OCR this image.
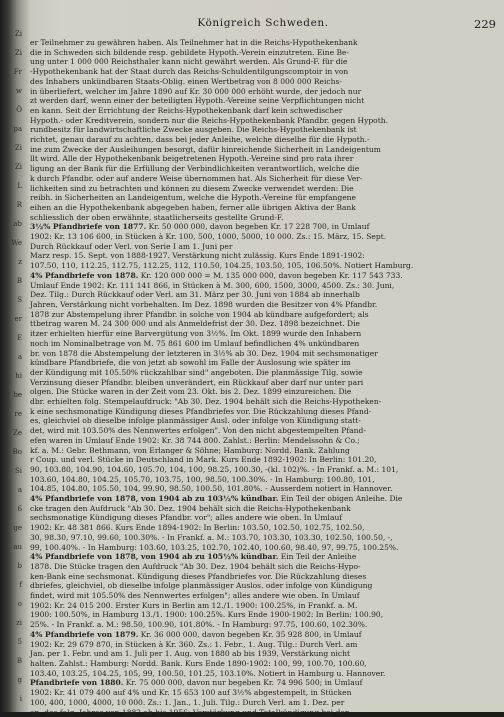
Zi
Zi
Fr
w
Ö
pa
Zi
Zi
L
R
ab
We
z
B
S
er
E
a
hi
be
re
Ze
Bo
Si
a
6
ge
au
b
f
o
zi
5
B
g
i
Königreich Schweden.	229
er Teilnehmer zu gewähren haben. Als Teilnehmer hat in die Reichs-Hypothekenbank
die in Schweden sich bildende resp. gebildete Hypoth.-Verein einzutreten. Eine Be-
ung unter 1 000 000 Reichsthaler kann nicht gewährt werden. Als Grund-F. für die
-Hypothekenbank hat der Staat durch das Reichs-Schuldentilgungscomptoir in von
des Inhabers unkündbaren Staats-Oblig. einen Wertbetrag von 8 000 000 Reichs-
in überliefert, welcher im Jahre 1890 auf Kr. 30 000 000 erhöht wurde, der jedoch nur
zt werden darf, wenn einer der beteiligten Hypoth.-Vereine seine Verpflichtungen nicht
en kann. Seit der Errichtung der Reichs-Hypothekenbank darf kein schwedischer
Hypoth.- oder Kreditverein, sondern nur die Reichs-Hypothekenbank Pfandbr. gegen Hypoth.
rundbesitz für landwirtschaftliche Zwecke ausgeben. Die Reichs-Hypothekenbank ist
richtet, genau darauf zu achten, dass bei jeder Anleihe, welche dieselbe für die Hypoth.-
ine zum Zwecke der Ausleihungen besorgt, dafür hinreichende Sicherheit in Landeigentum
llt wird. Alle der Hypothekenbank beigetretenen Hypoth.-Vereine sind pro rata ihrer
ligung an der Bank für die Erfüllung der Verbindlichkeiten verantwortlich, welche die
k durch Pfandbr. oder auf andere Weise übernommen hat. Als Sicherheit für diese Ver-
lichkeiten sind zu betrachten und können zu diesem Zwecke verwendet werden: Die
reibh. in Sicherheiten an Landeigentum, welche die Hypoth.-Vereine für empfangene
eihen an die Hypothekenbank abgegeben haben, ferner alle übrigen Aktiva der Bank
schliesslich der oben erwähnte, staatlicherseits gestellte Grund-F.
3½% Pfandbriefe von 1877. Kr. 50 000 000, davon begeben Kr. 17 228 700, in Umlauf
1902: Kr. 13 106 600, in Stücken à Kr. 100, 500, 1000, 5000, 10 000. Zs.: 15. März, 15. Sept.
Durch Rückkauf oder Verl. von Serie I am 1. Juni per
Marz resp. 15. Sept. von 1888-1927. Verstärkung nicht zulässig. Kurs Ende 1891-1902:
107.50, 110, 112.25, 112.75, 112.25, 112, 110.50, 104.25, 103.50, 105, 106.50%. Notiert Hamburg.
4% Pfandbriefe von 1878. Kr. 120 000 000 = M. 135 000 000, davon begeben Kr. 117 543 733.
Umlauf Ende 1902: Kr. 111 141 866, in Stücken à M. 300, 600, 1500, 3000, 4500. Zs.: 30. Juni,
Dez. Tilg.: Durch Rückkauf oder Verl. am 31. März per 30. Juni von 1884 ab innerhalb
Jahren, Verstärkung nicht vorbehalten. Im Dez. 1898 wurden die Besitzer von 4% Pfandbr.
1878 zur Abstempelung ihrer Pfandbr. in solche von 1904 ab kündbare aufgefordert; als
ttbetrag waren M. 24 300 000 und als Anmeldefrist der 30. Dez. 1898 bezeichnet. Die
itzer erhielten hierfür eine Barvergütung von 3½%. Im Okt. 1899 wurde den Inhabern
noch im Nominalbetrage von M. 75 861 600 im Umlauf befindlichen 4% unkündbaren
br. von 1878 die Abstempelung der letzteren in 3½% ab 30. Dez. 1904 mit sechsmonatiger
kündbare Pfandbriefe, die von jetzt ab sowohl im Falle der Auslosung wie später im
der Kündigung mit 105.50% rückzahlbar sind" angeboten. Die planmässige Tilg. sowie
Verzinsung dieser Pfandbr. bleiben unverändert, ein Rückkauf aber darf nur unter pari
olgen. Die Stücke waren in der Zeit vom 23. Okt. bis 2. Dez. 1899 einzureichen. Die
dbr. erhielten folg. Stempelaufdruck: "Ab 30. Dez. 1904 behält sich die Reichs-Hypotheken-
k eine sechsmonatige Kündigung dieses Pfandbriefes vor. Die Rückzahlung dieses Pfand-
es, gleichviel ob dieselbe infolge planmässiger Ausl. oder infolge von Kündigung statt-
det, wird mit 103.50% des Nennwertes erfolgen". Von den nicht abgestempelten Pfand-
efen waren in Umlauf Ende 1902: Kr. 38 744 800. Zahlst.: Berlin: Mendelssohn & Co.;
kf. a. M.: Gebr. Bethmann, von Erlanger & Söhne; Hamburg: Nordd. Bank. Zahlung
r Coup. und verl. Stücke in Deutschland in Mark. Kurs Ende 1892-1902: In Berlin: 101.20,
90, 103.80, 104.90, 104.60, 105.70, 104, 100, 98.25, 100.30, -(kl. 102)%. - In Frankf. a. M.: 101,
103.60, 104.80, 104.25, 105.70, 103.75, 100, 98.50, 100.30%. - In Hamburg: 100.80, 101,
104.85, 104.80, 105.50, 104, 99.90, 98.50, 100.50, 101.80%. - Ausserdem notiert in Hannover.
4% Pfandbriefe von 1878, von 1904 ab zu 103½% kündbar. Ein Teil der obigen Anleihe. Die
cke tragen den Aufdruck "Ab 30. Dez. 1904 behält sich die Reichs-Hypothekenbank
sechsmonatige Kündigung dieses Pfandbr. vor"; alles andere wie oben. In Umlauf
1902: Kr. 48 381 866. Kurs Ende 1894-1902: In Berlin: 103.50, 102.50, 102.75, 102.50,
30, 98.30, 97.10, 99.60, 100.30%. - In Frankf. a. M.: 103.70, 103.30, 103.30, 102.50, 100.50, -,
99, 100.40%. - In Hamburg: 103.60, 103.25, 102.70, 102.40, 100.60, 98.40, 97, 99.75, 100.25%.
4% Pfandbriefe von 1878, von 1904 ab zu 105½% kündbar. Ein Teil der Anleihe
1878. Die Stücke tragen den Aufdruck "Ab 30. Dez. 1904 behält sich die Reichs-Hypo-
ken-Bank eine sechsmonat. Kündigung dieses Pfandbriefes vor. Die Rückzahlung dieses
dbriefes, gleichviel, ob dieselbe infolge planmässiger Auslos. oder infolge von Kündigung
findet, wird mit 105.50% des Nennwertes erfolgen"; alles andere wie oben. In Umlauf
1902: Kr. 24 015 200. Erster Kurs in Berlin am 12./1. 1900: 100.25%, in Frankf. a. M.
1900: 100.50%, in Hamburg 13./1. 1900: 100.25%. Kurs Ende 1900-1902: In Berlin: 100.90,
25%. - In Frankf. a. M.: 98.50, 100.90, 101.80%. - In Hamburg: 97.75, 100.60, 102.30%.
4% Pfandbriefe von 1879. Kr. 36 000 000, davon begeben Kr. 35 928 800, in Umlauf
1902: Kr. 29 679 870, in Stücken à Kr. 360. Zs.: 1. Febr., 1. Aug. Tilg.: Durch Verl. am
Jan. per 1. Febr. und am 1. Juli per 1. Aug. von 1880 ab bis 1939, Verstärkung nicht
halten. Zahlst.: Hamburg: Nordd. Bank. Kurs Ende 1890-1902: 100, 99, 100.70, 100.60,
103.40, 103.25, 104.25, 105, 99, 100.50, 101.25, 103.10%. Notiert in Hamburg u. Hannover.
Pfandbriefe von 1880. Kr. 75 000 000, davon nur begeben Kr. 74 996 500; in Umlauf
1902: Kr. 41 079 400 auf 4% und Kr. 15 653 100 auf 3½% abgestempelt, in Stücken
100, 400, 1000, 4000, 10 000. Zs.: 1. Jan., 1. Juli. Tilg.: Durch Verl. am 1. Dez. per
an. des folg. Jahres von 1882 ab bis 1956; Verstärkung und Totalkündigung bei den
